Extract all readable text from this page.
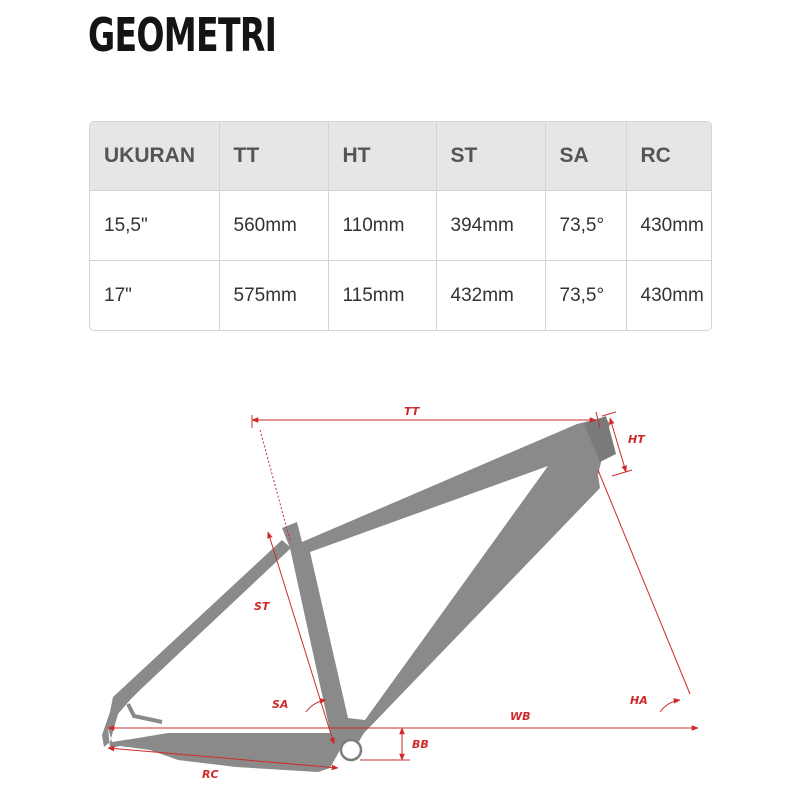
GEOMETRI
UKURAN	TT	HT	ST	SA	RC
15,5"	560mm	110mm	394mm	73,5°	430mm
17"	575mm	115mm	432mm	73,5°	430mm
TT
HT
ST
SA
WB
HA
BB
RC
